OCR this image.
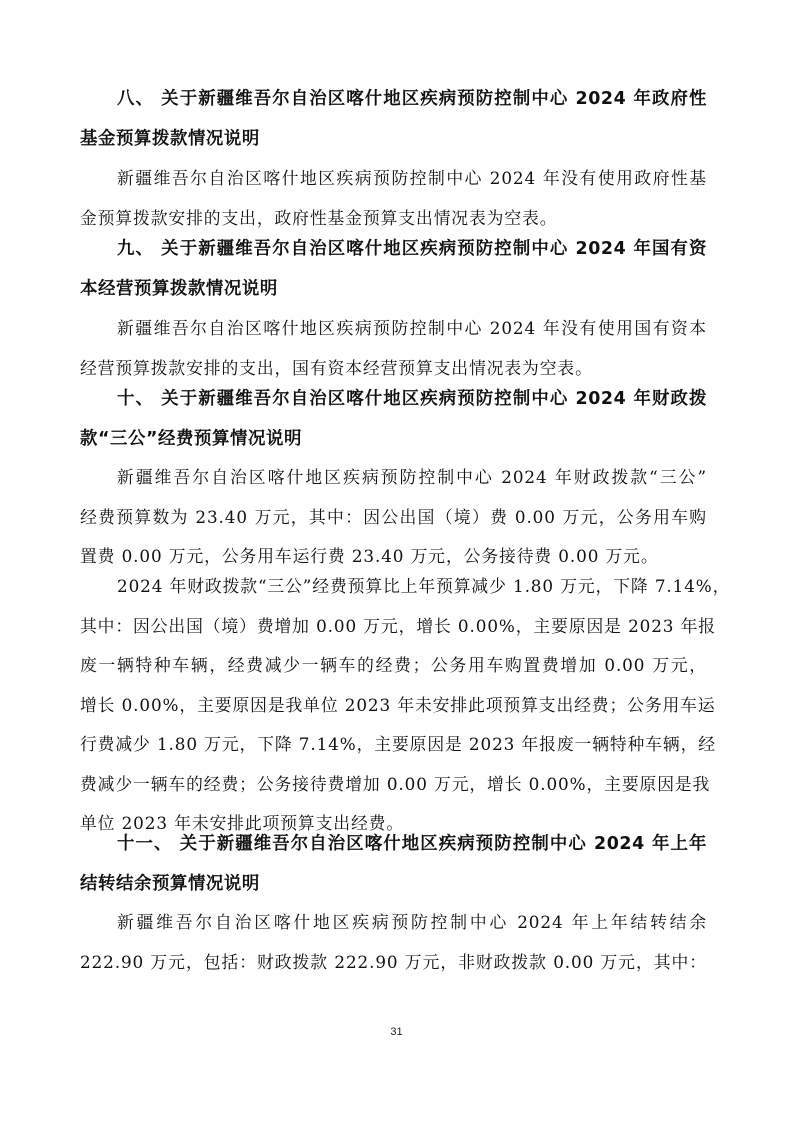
八、 关于新疆维吾尔自治区喀什地区疾病预防控制中心 2024 年政府性
基金预算拨款情况说明
新疆维吾尔自治区喀什地区疾病预防控制中心 2024 年没有使用政府性基
金预算拨款安排的支出，政府性基金预算支出情况表为空表。
九、 关于新疆维吾尔自治区喀什地区疾病预防控制中心 2024 年国有资
本经营预算拨款情况说明
新疆维吾尔自治区喀什地区疾病预防控制中心 2024 年没有使用国有资本
经营预算拨款安排的支出，国有资本经营预算支出情况表为空表。
十、 关于新疆维吾尔自治区喀什地区疾病预防控制中心 2024 年财政拨
款“三公”经费预算情况说明
新疆维吾尔自治区喀什地区疾病预防控制中心 2024 年财政拨款“三公”
经费预算数为 23.40 万元，其中：因公出国（境）费 0.00 万元，公务用车购
置费 0.00 万元，公务用车运行费 23.40 万元，公务接待费 0.00 万元。
2024 年财政拨款“三公”经费预算比上年预算减少 1.80 万元，下降 7.14%，
其中：因公出国（境）费增加 0.00 万元，增长 0.00%，主要原因是 2023 年报
废一辆特种车辆，经费减少一辆车的经费；公务用车购置费增加 0.00 万元，
增长 0.00%，主要原因是我单位 2023 年未安排此项预算支出经费；公务用车运
行费减少 1.80 万元，下降 7.14%，主要原因是 2023 年报废一辆特种车辆，经
费减少一辆车的经费；公务接待费增加 0.00 万元，增长 0.00%，主要原因是我
单位 2023 年未安排此项预算支出经费。
十一、 关于新疆维吾尔自治区喀什地区疾病预防控制中心 2024 年上年
结转结余预算情况说明
新疆维吾尔自治区喀什地区疾病预防控制中心 2024 年上年结转结余
222.90 万元，包括：财政拨款 222.90 万元，非财政拨款 0.00 万元，其中：
31
